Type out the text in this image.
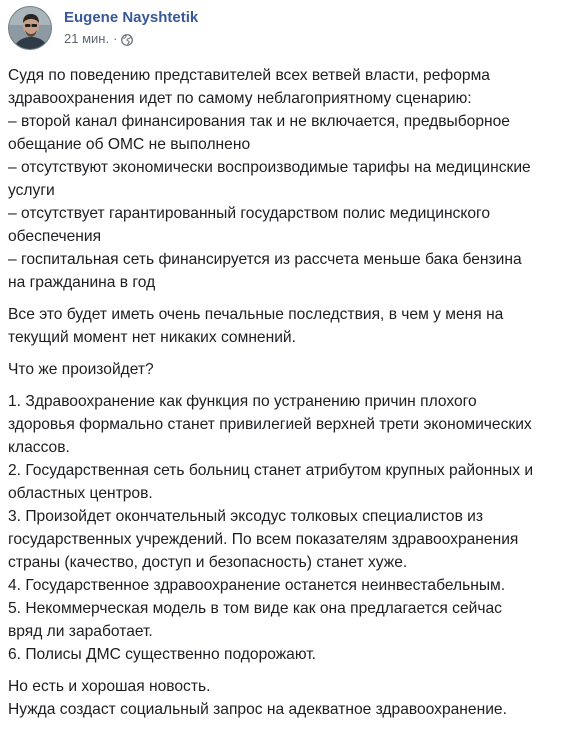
Eugene Nayshtetik
21 мин. ·
Судя по поведению представителей всех ветвей власти, реформа
здравоохранения идет по самому неблагоприятному сценарию:
– второй канал финансирования так и не включается, предвыборное
обещание об ОМС не выполнено
– отсутствуют экономически воспроизводимые тарифы на медицинские
услуги
– отсутствует гарантированный государством полис медицинского
обеспечения
– госпитальная сеть финансируется из рассчета меньше бака бензина
на гражданина в год
Все это будет иметь очень печальные последствия, в чем у меня на
текущий момент нет никаких сомнений.
Что же произойдет?
1. Здравоохранение как функция по устранению причин плохого
здоровья формально станет привилегией верхней трети экономических
классов.
2. Государственная сеть больниц станет атрибутом крупных районных и
областных центров.
3. Произойдет окончательный эксодус толковых специалистов из
государственных учреждений. По всем показателям здравоохранения
страны (качество, доступ и безопасность) станет хуже.
4. Государственное здравоохранение останется неинвестабельным.
5. Некоммерческая модель в том виде как она предлагается сейчас
вряд ли заработает.
6. Полисы ДМС существенно подорожают.
Но есть и хорошая новость.
Нужда создаст социальный запрос на адекватное здравоохранение.
